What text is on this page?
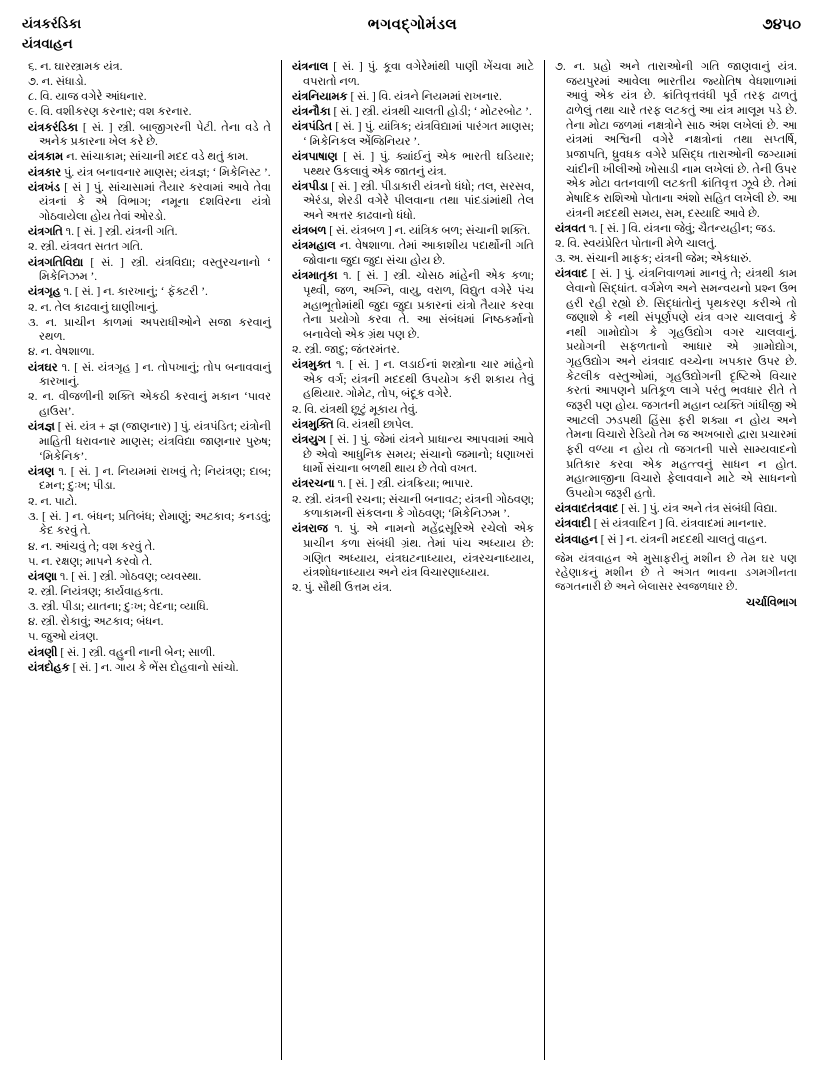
યંત્રકરંડિકા
યંત્રવાહન
ભગવદ્ગોમંડલ	૭૪૫૦

૬. ન. ઘારસ્ત્રામક યંત્ર.

૭. ન. સંધાડો.

૮. વિ. યાજ વગેરે આંધનાર.

૯. વિ. વશીકરણ કરનાર; વશ કરનાર.

યંત્રકરંડિકા [ સં. ] સ્ત્રી. બાજીગરની પેટી. તેના વડે તે અનેક પ્રકારના ખેલ કરે છે.

યંત્રકામ ન. સાંચાકામ; સાંચાની મદદ વડે થતું કામ.

યંત્રકાર પું. યંત્ર બનાવનાર માણસ; યંત્રજ્ઞ; ‘ મિકેનિસ્ટ ’.

યંત્રખંડ [ સં ] પું. સાંચાસામાં તૈયાર કરવામાં આવે તેવા યંત્રનાં કે એ વિભાગ; નમૂના દશવિરના યંત્રો ગોઠવાયેલા હોય તેવાં ઓરડો.

યંત્રગતિ ૧. [ સં. ] સ્ત્રી. યંત્રની ગતિ.

૨. સ્ત્રી. યંત્રવત સતત ગતિ.

યંત્રગતિવિદ્યા [ સં. ] સ્ત્રી. યંત્રવિદ્યા; વસ્તુરચનાનો ‘ મિકેનિઝમ ’.

યંત્રગૃહ ૧. [ સં. ] ન. કારખાનું; ‘ ફૅક્ટરી ’.

૨. ન. તેલ કાઢવાનું ઘાણીખાનું.

૩. ન. પ્રાચીન કાળમાં અપરાધીઓને સજા કરવાનું રથળ.

૪. ન. વેષશાળા.

યંત્રઘર ૧. [ સં. યંત્રગૃહ ] ન. તોપખાનું; તોપ બનાવવાનું કારખાનું.

૨. ન. વીજળીની શક્તિ એકઠી કરવાનું મકાન ‘પાવર હાઉસ’.

યંત્રજ્ઞ [ સં. યંત્ર + જ્ઞ (જાણનાર) ] પું. યંત્રપંડિત; યંત્રોની માહિતી ધરાવનાર માણસ; યંત્રવિદ્યા જાણનાર પુરુષ; ‘મિકેનિક’.

યંત્રણ ૧. [ સં. ] ન. નિયમમાં રાખવું તે; નિયંત્રણ; દાબ; દમન; દુઃખ; પીડા.

૨. ન. પાટો.

૩. [ સં. ] ન. બંધન; પ્રતિબંધ; રોમાણું; અટકાવ; કનડવું; કેદ કરવું તે.

૪. ન. આંચવું તે; વશ કરવું તે.

૫. ન. રક્ષણ; માપને કરવો તે.

યંત્રણા ૧. [ સં. ] સ્ત્રી. ગોઠવણ; વ્યવસ્થા.

૨. સ્ત્રી. નિયંત્રણ; કાર્યવાહકતા.

૩. સ્ત્રી. પીડા; યાતના; દુઃખ; વેદના; વ્યાધિ.

૪. સ્ત્રી. રોકાવું; અટકાવ; બંધન.

૫. જુઓ યંત્રણ.

યંત્રણી [ સં. ] સ્ત્રી. વહુની નાની બેન; સાળી.

યંત્રદોહક [ સં. ] ન. ગાય કે ભેંસ દોહવાનો સાંચો.

યંત્રનાલ [ સં. ] પું. કૂવા વગેરેમાંથી પાણી ખેંચવા માટે વપરાતો નળ.

યંત્રનિયામક [ સં. ] વિ. યંત્રને નિયમમાં રાખનાર.

યંત્રનૌકા [ સં. ] સ્ત્રી. યંત્રથી ચાલતી હોડી; ‘ મોટરબોટ ’.

યંત્રપંડિત [ સં. ] પું. યાંત્રિક; યંત્રવિદ્યામાં પારંગત માણસ; ‘ મિકેનિકલ એંજિનિયર ’.

યંત્રપાષાણ [ સં. ] પું. ક્યાંઈનું એક ભારતી ઘડિયાર; પથ્થર ઉકલાવું એક જાતનું યંત્ર.

યંત્રપીડા [ સં. ] સ્ત્રી. પીડાકારી યંત્રનો ધંધો; તલ, સરસવ, એરંડા, શેરડી વગેરે પીલવાના તથા પાંદડાંમાંથી તેલ અને અત્તર કાઢવાનો ધંધો.

યંત્રબળ [ સં. યંત્રબળ ] ન. યાંત્રિક બળ; સંચાની શક્તિ.

યંત્રમહાલ ન. વેષશાળા. તેમાં આકાશીય પદાર્થોની ગતિ જોવાના જુદા જુદા સંચા હોય છે.

યંત્રમાતૃકા ૧. [ સં. ] સ્ત્રી. ચોસઠ માંહેની એક કળા; પૃથ્વી, જળ, અગ્નિ, વાયુ, વરાળ, વિદ્યુત વગેરે પંચ મહાભૂતોમાંથી જુદા જુદા પ્રકારનાં યંત્રો તૈયાર કરવા તેના પ્રયોગો કરવા તે. આ સંબંધમાં નિષ્ઠકર્માનો બનાવેલો એક ગ્રંથ પણ છે.

૨. સ્ત્રી. જાદુ; જંતરમંતર.

યંત્રમુક્ત ૧. [ સં. ] ન. લડાઈનાં શસ્ત્રોના ચાર માંહેનો એક વર્ગ; યંત્રની મદદથી ઉપયોગ કરી શકાય તેવું હથિયાર. ગોમેટ, તોપ, બંદૂક વગેરે.

૨. વિ. યંત્રથી છૂટું મૂકાય તેવું.

યંત્રમુક્તિ વિ. યંત્રથી છાપેલ.

યંત્રયુગ [ સં. ] પું. જેમાં યંત્રને પ્રાધાન્ય આપવામાં આવે છે એવો આધુનિક સમય; સંચાનો જમાનો; ધણાખરાં ધાર્મો સંચાના બળથી થાય છે તેવો વખત.

યંત્રરચના ૧. [ સં. ] સ્ત્રી. યંત્રક્રિયા; ભાપાર.

૨. સ્ત્રી. યંત્રની રચના; સંચાની બનાવટ; યંત્રની ગોઠવણ; કળાકામની સંકલના કે ગોઠવણ; ‘મિકેનિઝમ ’.

યંત્રરાજ ૧. પું. એ નામનો મહેંદ્રસૂરિએ રચેલો એક પ્રાચીન કળા સંબંધી ગ્રંથ. તેમાં પાંચ અધ્યાય છે: ગણિત અધ્યાય, યંત્રઘટનાધ્યાય, યંત્રરચનાધ્યાય, યંત્રશોધનાધ્યાય અને યંત્ર વિચારણાધ્યાય.

૨. પું. સૌથી ઉત્તમ યંત્ર.

૭. ન. પ્રહો અને તારાઓની ગતિ જાણવાનું યંત્ર. જયપુરમાં આવેલા ભારતીય જ્યોતિષ વેધશાળામાં આવું એક યંત્ર છે. ક્રાંતિવૃત્તવંધી પૂર્વ તરફ ઢાળતું ઢાળેલું તથા ચારે તરફ લટકતું આ યંત્ર માલૂમ પડે છે. તેના મોટા જળમાં નક્ષત્રોને સાઠ અંશ લખેલાં છે. આ યંત્રમાં અશ્વિની વગેરે નક્ષત્રોનાં તથા સપ્તર્ષિ, પ્રજાપતિ, ધ્રુવધક વગેરે પ્રસિદ્ધ તારાઓની જગ્યામાં ચાંદીની ખીલીઓ ખોસાડી નામ લખેલાં છે. તેની ઉપર એક મોટા વતનવાળી લટકતી ક્રાંતિવૃત્ત ઝૂવે છે. તેમાં મેષાદિક રાશિઓ પોતાના અંશો સહિત લખેલી છે. આ યંત્રની મદદથી સમય, સમ, દસ્યાદિ આવે છે.

યંત્રવત ૧. [ સં. ] વિ. યંત્રના જેવું; ચૈતન્યહીન; જડ.

૨. વિ. સ્વયંપ્રેરિત પોતાની મેળે ચાલતું.

૩. અ. સંચાની માફક; યંત્રની જેમ; એકધારું.

યંત્રવાદ [ સં. ] પું. યંત્રનિવાળમાં માનવું તે; યંત્રથી કામ લેવાનો સિદ્ધાંત. વર્ગમેળ અને સમન્વયનો પ્રશ્ન ઉભ હરી રહી રહ્યો છે. સિદ્ધાંતોનું પૃથકરણ કરીએ તો જણાશે કે નથી સંપૂર્ણપણે યંત્ર વગર ચાલવાનું કે નથી ગામોદ્યોગ કે ગૃહઉદ્યોગ વગર ચાલવાનું. પ્રયોગની સફળતાનો આધાર એ ગ્રામોદ્યોગ, ગૃહઉદ્યોગ અને યંત્રવાદ વચ્ચેના ખપકાર ઉપર છે. કેટલીક વસ્તુઓમાં, ગૃહઉદ્યોગની દૃષ્ટિએ વિચાર કરતાં આપણને પ્રતિકૂળ લાગે પરંતુ ભવધાર રીતે તે જરૂરી પણ હોય. જગતની મહાન વ્યક્તિ ગાંધીજી એ આટલી ઝડપથી હિંસા ફરી શક્યા ન હોય અને તેમના વિચારો રેડિયો તેમ જ અખબારો દ્વારા પ્રચારમાં ફરી વળ્યા ન હોય તો જગતની પાસે સામ્યવાદનો પ્રતિકાર કરવા એક મહત્ત્વનું સાધન ન હોત. મહાત્માજીના વિચારો ફેલાવવાને માટે એ સાધનનો ઉપયોગ જરૂરી હતો.

યંત્રવાદતંત્રવાદ [ સં. ] પું. યંત્ર અને તંત્ર સંબંધી વિદ્યા.

યંત્રવાદી [ સં યંત્રવાદિન ] વિ. યંત્રવાદમાં માનનાર.

યંત્રવાહન [ સં ] ન. યંત્રની મદદથી ચાલતું વાહન.

જેમ યંત્રવાહન એ મુસાફરીનું મશીન છે તેમ ઘર પણ રહેણાકનું મશીન છે તે અંગત ભાવના ડગમગીનતા જગતનારી છે અને બેલાસર સ્વજળધાર છે.

ચર્ચાવિભાગ
